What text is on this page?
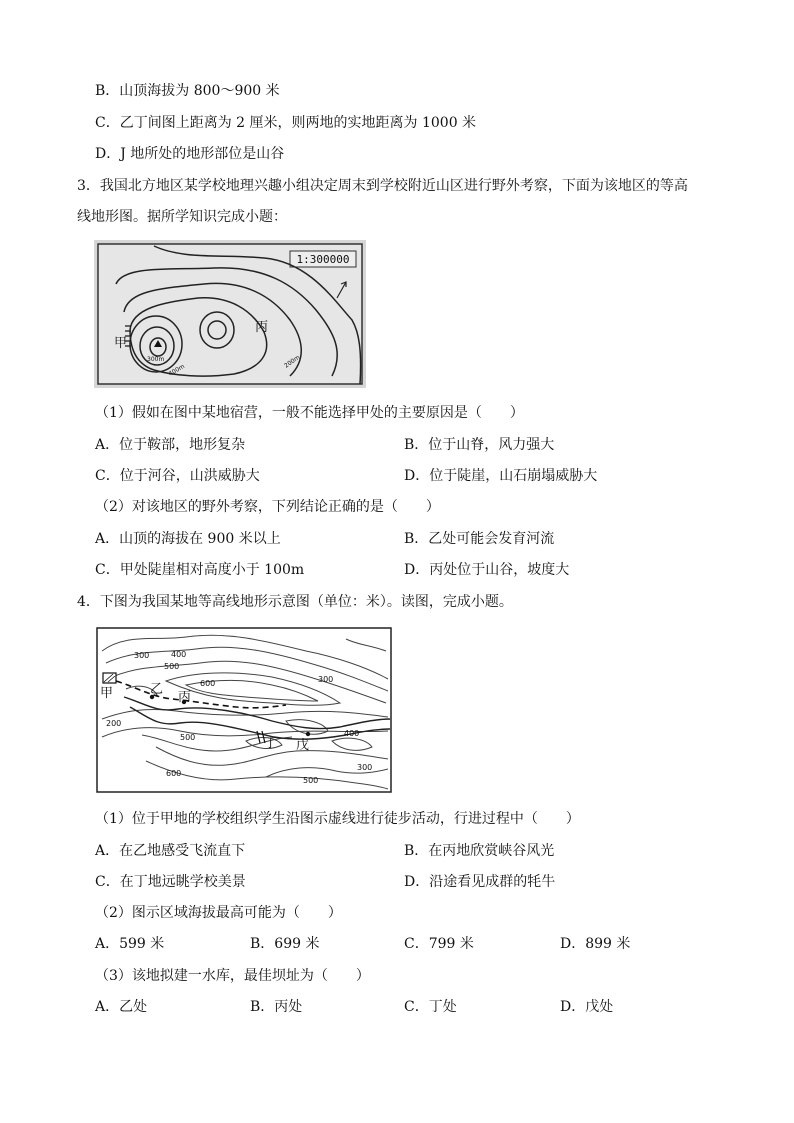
B．山顶海拔为 800～900 米
C．乙丁间图上距离为 2 厘米，则两地的实地距离为 1000 米
D．J 地所处的地形部位是山谷
3．我国北方地区某学校地理兴趣小组决定周末到学校附近山区进行野外考察，下面为该地区的等高
线地形图。据所学知识完成小题：
1:300000
甲
丙
300m
400m
200m
（1）假如在图中某地宿营，一般不能选择甲处的主要原因是（　　）
A．位于鞍部，地形复杂	B．位于山脊，风力强大
C．位于河谷，山洪威胁大	D．位于陡崖，山石崩塌威胁大
（2）对该地区的野外考察，下列结论正确的是（　　）
A．山顶的海拔在 900 米以上	B．乙处可能会发育河流
C．甲处陡崖相对高度小于 100m	D．丙处位于山谷，坡度大
4．下图为我国某地等高线地形示意图（单位：米）。读图，完成小题。
甲	乙
丙
丁 戊
300	400
500
600	300
200
500	400
600
500
300
（1）位于甲地的学校组织学生沿图示虚线进行徒步活动，行进过程中（　　）
A．在乙地感受飞流直下	B．在丙地欣赏峡谷风光
C．在丁地远眺学校美景	D．沿途看见成群的牦牛
（2）图示区域海拔最高可能为（　　）
A．599 米	B．699 米	C．799 米	D．899 米
（3）该地拟建一水库，最佳坝址为（　　）
A．乙处	B．丙处	C．丁处	D．戊处
